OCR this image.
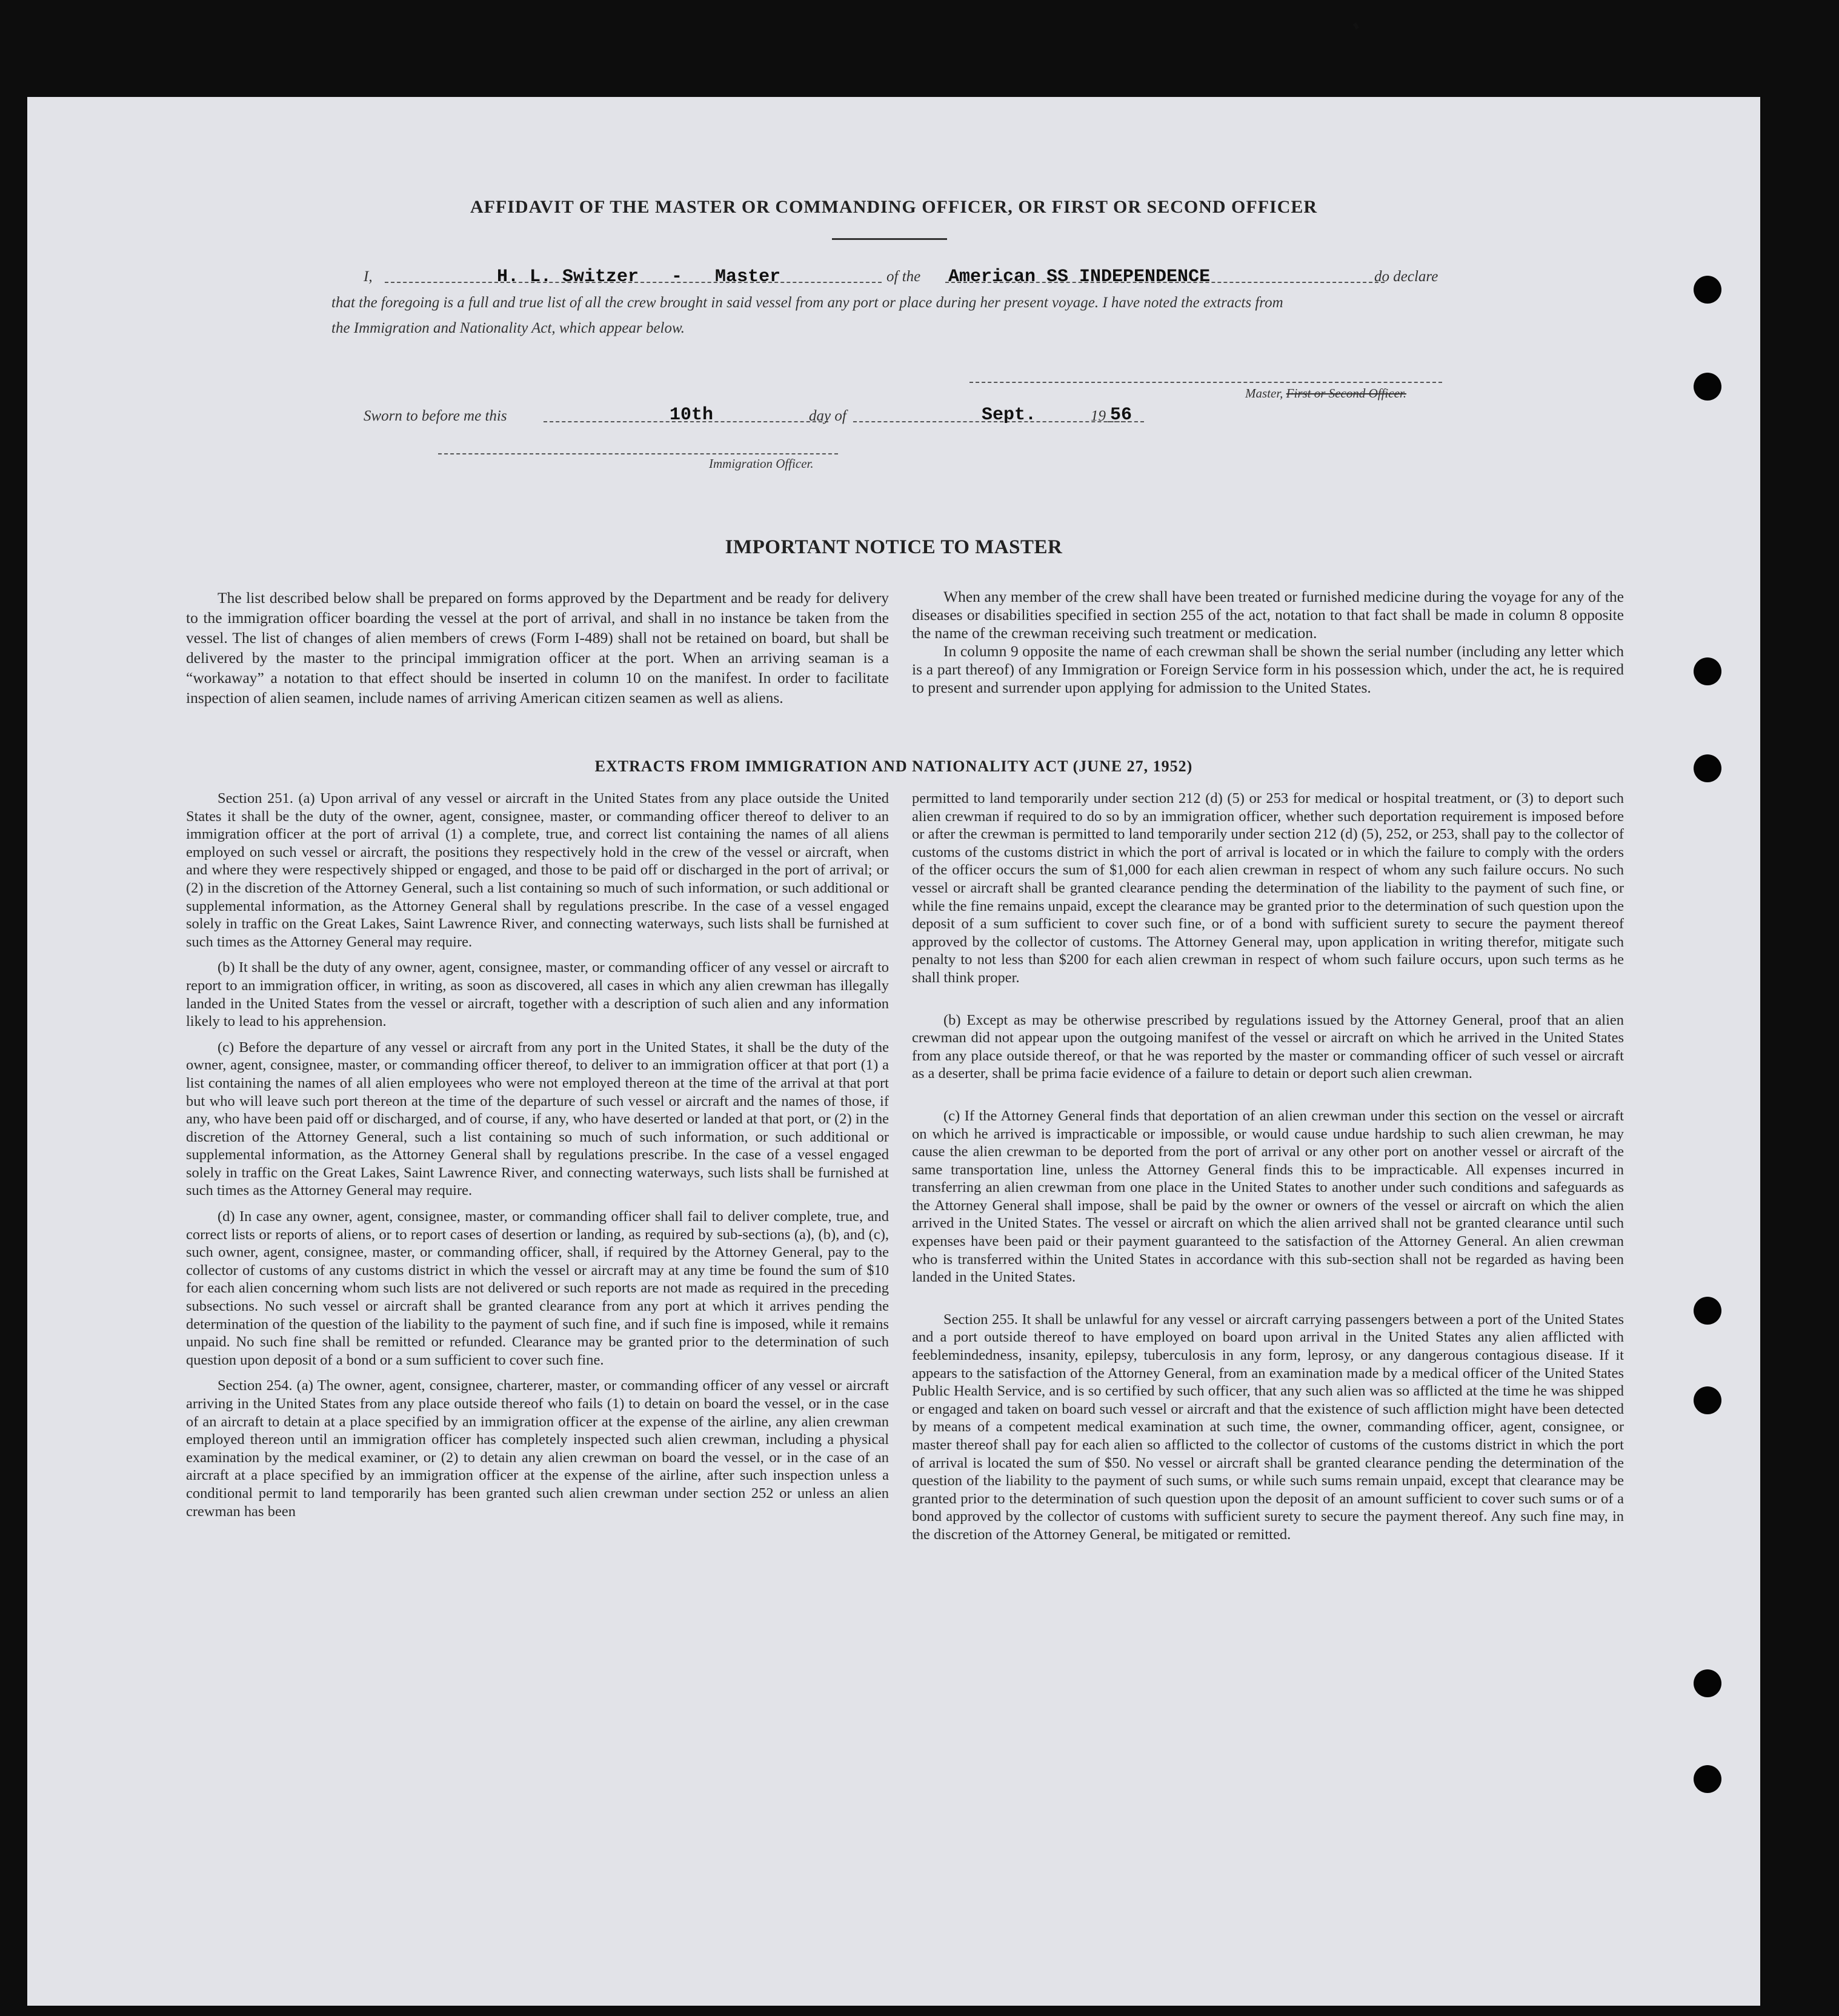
AFFIDAVIT OF THE MASTER OR COMMANDING OFFICER, OR FIRST OR SECOND OFFICER
I,	H. L. Switzer   -   Master	of the American SS INDEPENDENCE	do declare
that the foregoing is a full and true list of all the crew brought in said vessel from any port or place during her present voyage. I have noted the extracts from
the Immigration and Nationality Act, which appear below.
Master, First or Second Officer.
Sworn to before me this	10th	day of	Sept.	19 56
Immigration Officer.
IMPORTANT NOTICE TO MASTER

The list described below shall be prepared on forms approved by the Department and be ready for delivery to the immigration officer boarding the vessel at the port of arrival, and shall in no instance be taken from the vessel. The list of changes of alien members of crews (Form I-489) shall not be retained on board, but shall be delivered by the master to the principal immigration officer at the port. When an arriving seaman is a “workaway” a notation to that effect should be inserted in column 10 on the manifest. In order to facilitate inspection of alien seamen, include names of arriving American citizen seamen as well as aliens.

When any member of the crew shall have been treated or furnished medicine during the voyage for any of the diseases or disabilities specified in section 255 of the act, notation to that fact shall be made in column 8 opposite the name of the crewman receiving such treatment or medication.

In column 9 opposite the name of each crewman shall be shown the serial number (including any letter which is a part thereof) of any Immigration or Foreign Service form in his possession which, under the act, he is required to present and surrender upon applying for admission to the United States.

EXTRACTS FROM IMMIGRATION AND NATIONALITY ACT (JUNE 27, 1952)

Section 251. (a) Upon arrival of any vessel or aircraft in the United States from any place outside the United States it shall be the duty of the owner, agent, consignee, master, or commanding officer thereof to deliver to an immigration officer at the port of arrival (1) a complete, true, and correct list containing the names of all aliens employed on such vessel or aircraft, the positions they respectively hold in the crew of the vessel or aircraft, when and where they were respectively shipped or engaged, and those to be paid off or discharged in the port of arrival; or (2) in the discretion of the Attorney General, such a list containing so much of such information, or such additional or supplemental information, as the Attorney General shall by regulations prescribe. In the case of a vessel engaged solely in traffic on the Great Lakes, Saint Lawrence River, and connecting waterways, such lists shall be furnished at such times as the Attorney General may require.

(b) It shall be the duty of any owner, agent, consignee, master, or commanding officer of any vessel or aircraft to report to an immigration officer, in writing, as soon as discovered, all cases in which any alien crewman has illegally landed in the United States from the vessel or aircraft, together with a description of such alien and any information likely to lead to his apprehension.

(c) Before the departure of any vessel or aircraft from any port in the United States, it shall be the duty of the owner, agent, consignee, master, or commanding officer thereof, to deliver to an immigration officer at that port (1) a list containing the names of all alien employees who were not employed thereon at the time of the arrival at that port but who will leave such port thereon at the time of the departure of such vessel or aircraft and the names of those, if any, who have been paid off or discharged, and of course, if any, who have deserted or landed at that port, or (2) in the discretion of the Attorney General, such a list containing so much of such information, or such additional or supplemental information, as the Attorney General shall by regulations prescribe. In the case of a vessel engaged solely in traffic on the Great Lakes, Saint Lawrence River, and connecting waterways, such lists shall be furnished at such times as the Attorney General may require.

(d) In case any owner, agent, consignee, master, or commanding officer shall fail to deliver complete, true, and correct lists or reports of aliens, or to report cases of desertion or landing, as required by sub-sections (a), (b), and (c), such owner, agent, consignee, master, or commanding officer, shall, if required by the Attorney General, pay to the collector of customs of any customs district in which the vessel or aircraft may at any time be found the sum of $10 for each alien concerning whom such lists are not delivered or such reports are not made as required in the preceding subsections. No such vessel or aircraft shall be granted clearance from any port at which it arrives pending the determination of the question of the liability to the payment of such fine, and if such fine is imposed, while it remains unpaid. No such fine shall be remitted or refunded. Clearance may be granted prior to the determination of such question upon deposit of a bond or a sum sufficient to cover such fine.

Section 254. (a) The owner, agent, consignee, charterer, master, or commanding officer of any vessel or aircraft arriving in the United States from any place outside thereof who fails (1) to detain on board the vessel, or in the case of an aircraft to detain at a place specified by an immigration officer at the expense of the airline, any alien crewman employed thereon until an immigration officer has completely inspected such alien crewman, including a physical examination by the medical examiner, or (2) to detain any alien crewman on board the vessel, or in the case of an aircraft at a place specified by an immigration officer at the expense of the airline, after such inspection unless a conditional permit to land temporarily has been granted such alien crewman under section 252 or unless an alien crewman has been

permitted to land temporarily under section 212 (d) (5) or 253 for medical or hospital treatment, or (3) to deport such alien crewman if required to do so by an immigration officer, whether such deportation requirement is imposed before or after the crewman is permitted to land temporarily under section 212 (d) (5), 252, or 253, shall pay to the collector of customs of the customs district in which the port of arrival is located or in which the failure to comply with the orders of the officer occurs the sum of $1,000 for each alien crewman in respect of whom any such failure occurs. No such vessel or aircraft shall be granted clearance pending the determination of the liability to the payment of such fine, or while the fine remains unpaid, except the clearance may be granted prior to the determination of such question upon the deposit of a sum sufficient to cover such fine, or of a bond with sufficient surety to secure the payment thereof approved by the collector of customs. The Attorney General may, upon application in writing therefor, mitigate such penalty to not less than $200 for each alien crewman in respect of whom such failure occurs, upon such terms as he shall think proper.

(b) Except as may be otherwise prescribed by regulations issued by the Attorney General, proof that an alien crewman did not appear upon the outgoing manifest of the vessel or aircraft on which he arrived in the United States from any place outside thereof, or that he was reported by the master or commanding officer of such vessel or aircraft as a deserter, shall be prima facie evidence of a failure to detain or deport such alien crewman.

(c) If the Attorney General finds that deportation of an alien crewman under this section on the vessel or aircraft on which he arrived is impracticable or impossible, or would cause undue hardship to such alien crewman, he may cause the alien crewman to be deported from the port of arrival or any other port on another vessel or aircraft of the same transportation line, unless the Attorney General finds this to be impracticable. All expenses incurred in transferring an alien crewman from one place in the United States to another under such conditions and safeguards as the Attorney General shall impose, shall be paid by the owner or owners of the vessel or aircraft on which the alien arrived in the United States. The vessel or aircraft on which the alien arrived shall not be granted clearance until such expenses have been paid or their payment guaranteed to the satisfaction of the Attorney General. An alien crewman who is transferred within the United States in accordance with this sub-section shall not be regarded as having been landed in the United States.

Section 255. It shall be unlawful for any vessel or aircraft carrying passengers between a port of the United States and a port outside thereof to have employed on board upon arrival in the United States any alien afflicted with feeblemindedness, insanity, epilepsy, tuberculosis in any form, leprosy, or any dangerous contagious disease. If it appears to the satisfaction of the Attorney General, from an examination made by a medical officer of the United States Public Health Service, and is so certified by such officer, that any such alien was so afflicted at the time he was shipped or engaged and taken on board such vessel or aircraft and that the existence of such affliction might have been detected by means of a competent medical examination at such time, the owner, commanding officer, agent, consignee, or master thereof shall pay for each alien so afflicted to the collector of customs of the customs district in which the port of arrival is located the sum of $50. No vessel or aircraft shall be granted clearance pending the determination of the question of the liability to the payment of such sums, or while such sums remain unpaid, except that clearance may be granted prior to the determination of such question upon the deposit of an amount sufficient to cover such sums or of a bond approved by the collector of customs with sufficient surety to secure the payment thereof. Any such fine may, in the discretion of the Attorney General, be mitigated or remitted.
